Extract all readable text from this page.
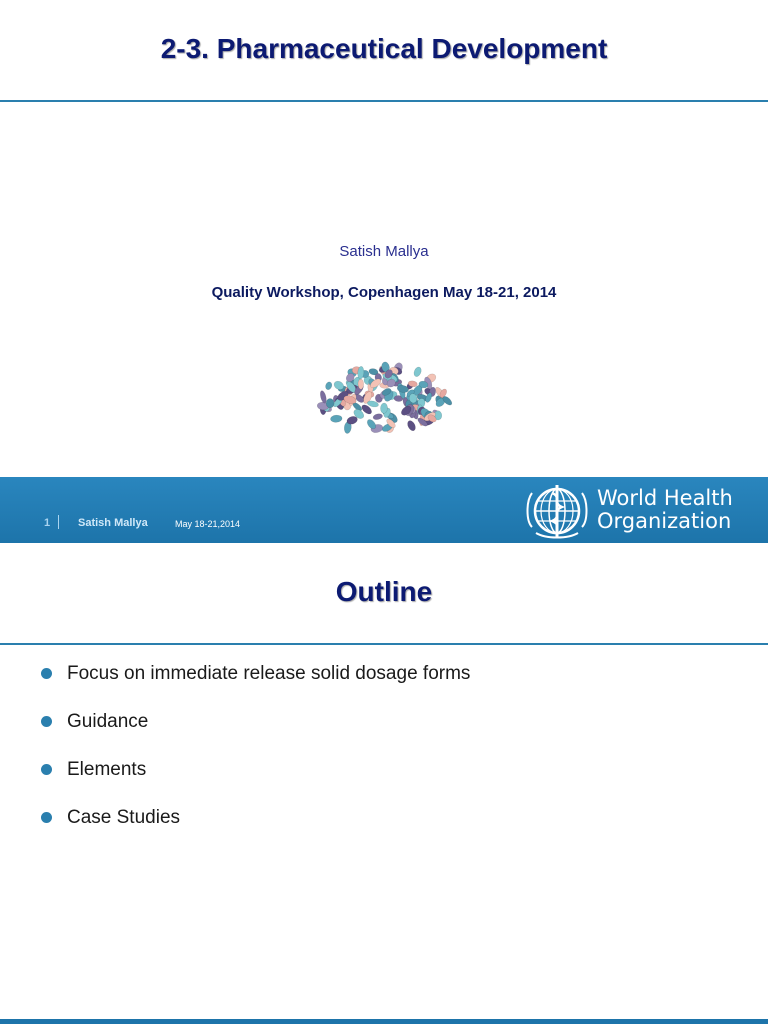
2-3. Pharmaceutical Development
Satish Mallya
Quality Workshop, Copenhagen May 18-21, 2014
1	Satish Mallya	May 18-21,2014
World Health
Organization
Outline
Focus on immediate release solid dosage forms
Guidance
Elements
Case Studies
